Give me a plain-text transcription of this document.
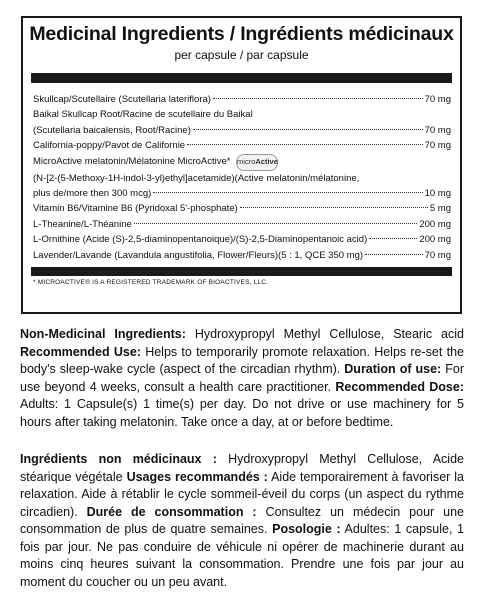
Medicinal Ingredients / Ingrédients médicinaux
per capsule / par capsule
Skullcap/Scutellaire (Scutellaria lateriflora)	70 mg
Baikal Skullcap Root/Racine de scutellaire du Baikal
(Scutellaria baicalensis, Root/Racine)	70 mg
California-poppy/Pavot de Californie	70 mg
MicroActive melatonin/Mélatonine MicroActive* micro Active
(N-[2-(5-Methoxy-1H-indol-3-yl)ethyl]acetamide)(Active melatonin/mélatonine,
plus de/more then 300 mcg)	10 mg
Vitamin B6/Vitamine B6 (Pyridoxal 5'-phosphate)	5 mg
L-Theanine/L-Théanine	200 mg
L-Ornithine (Acide (S)-2,5-diaminopentanoique)/(S)-2,5-Diaminopentanoic acid)	200 mg
Lavender/Lavande (Lavandula angustifolia, Flower/Fleurs)(5 : 1, QCE 350 mg)	70 mg
* MICROACTIVE® IS A REGISTERED TRADEMARK OF BIOACTIVES, LLC.

Non-Medicinal Ingredients: Hydroxypropyl Methyl Cellulose, Stearic acid Recommended Use: Helps to temporarily promote relaxation. Helps re-set the body's sleep-wake cycle (aspect of the circadian rhythm). Duration of use: For use beyond 4 weeks, consult a health care practitioner. Recommended Dose: Adults: 1 Capsule(s) 1 time(s) per day. Do not drive or use machinery for 5 hours after taking melatonin. Take once a day, at or before bedtime.

Ingrédients non médicinaux : Hydroxypropyl Methyl Cellulose, Acide stéarique végétale Usages recommandés : Aide temporairement à favoriser la relaxation. Aide à rétablir le cycle sommeil-éveil du corps (un aspect du rythme circadien). Durée de consommation : Consultez un médecin pour une consommation de plus de quatre semaines. Posologie : Adultes: 1 capsule, 1 fois par jour. Ne pas conduire de véhicule ni opérer de machinerie durant au moins cinq heures suivant la consommation. Prendre une fois par jour au moment du coucher ou un peu avant.
